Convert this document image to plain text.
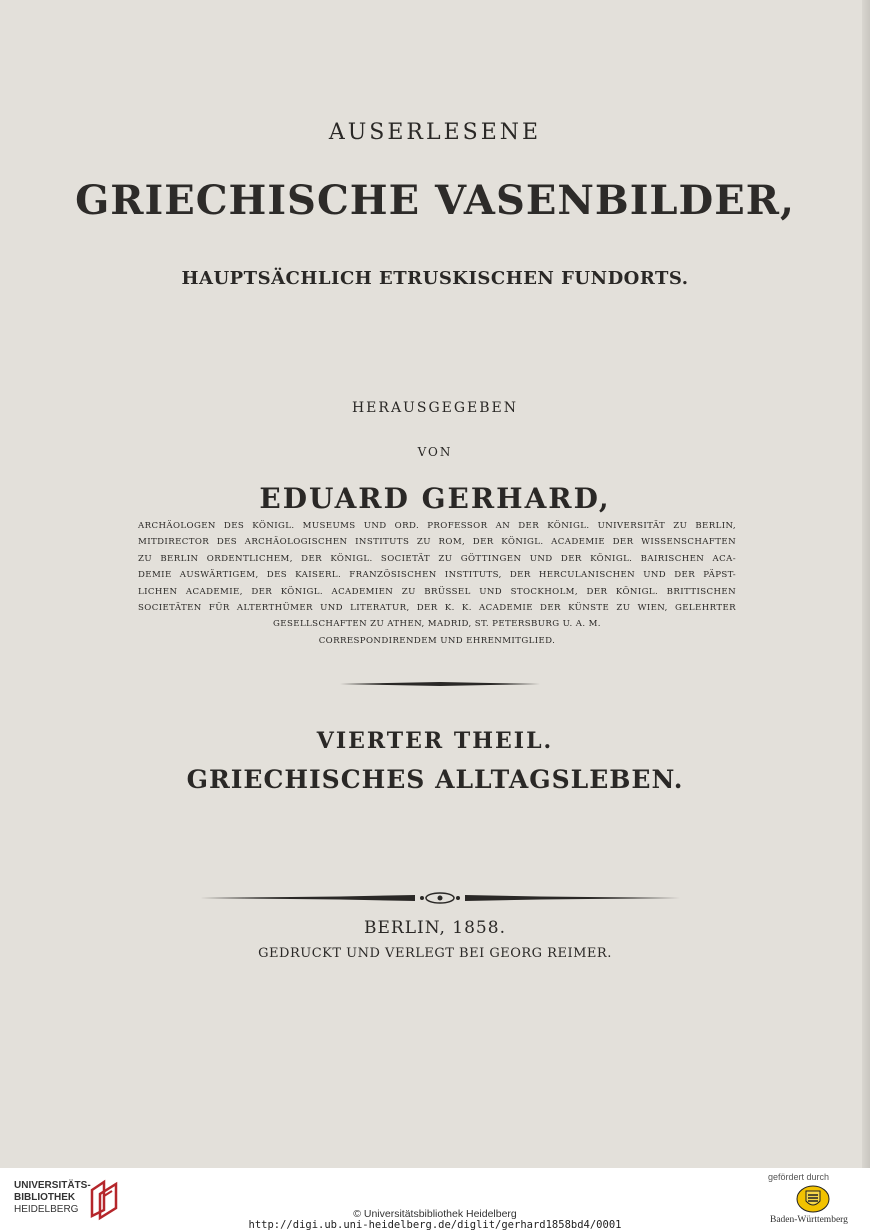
AUSERLESENE
GRIECHISCHE VASENBILDER,
HAUPTSÄCHLICH ETRUSKISCHEN FUNDORTS.
HERAUSGEGEBEN
VON
EDUARD GERHARD,
ARCHÄOLOGEN DES KÖNIGL. MUSEUMS UND ORD. PROFESSOR AN DER KÖNIGL. UNIVERSITÄT ZU BERLIN,
MITDIRECTOR DES ARCHÄOLOGISCHEN INSTITUTS ZU ROM, DER KÖNIGL. ACADEMIE DER WISSENSCHAFTEN
ZU BERLIN ORDENTLICHEM, DER KÖNIGL. SOCIETÄT ZU GÖTTINGEN UND DER KÖNIGL. BAIRISCHEN ACA-
DEMIE AUSWÄRTIGEM, DES KAISERL. FRANZÖSISCHEN INSTITUTS, DER HERCULANISCHEN UND DER PÄPST-
LICHEN ACADEMIE, DER KÖNIGL. ACADEMIEN ZU BRÜSSEL UND STOCKHOLM, DER KÖNIGL. BRITTISCHEN
SOCIETÄTEN FÜR ALTERTHÜMER UND LITERATUR, DER K. K. ACADEMIE DER KÜNSTE ZU WIEN, GELEHRTER
GESELLSCHAFTEN ZU ATHEN, MADRID, ST. PETERSBURG U. A. M.
CORRESPONDIRENDEM UND EHRENMITGLIED.
VIERTER THEIL.
GRIECHISCHES ALLTAGSLEBEN.
BERLIN, 1858.
GEDRUCKT UND VERLEGT BEI GEORG REIMER.
UNIVERSITÄTS-
BIBLIOTHEK
HEIDELBERG	© Universitätsbibliothek Heidelberg
http://digi.ub.uni-heidelberg.de/diglit/gerhard1858bd4/0001
gefördert durch
Baden-Württemberg
